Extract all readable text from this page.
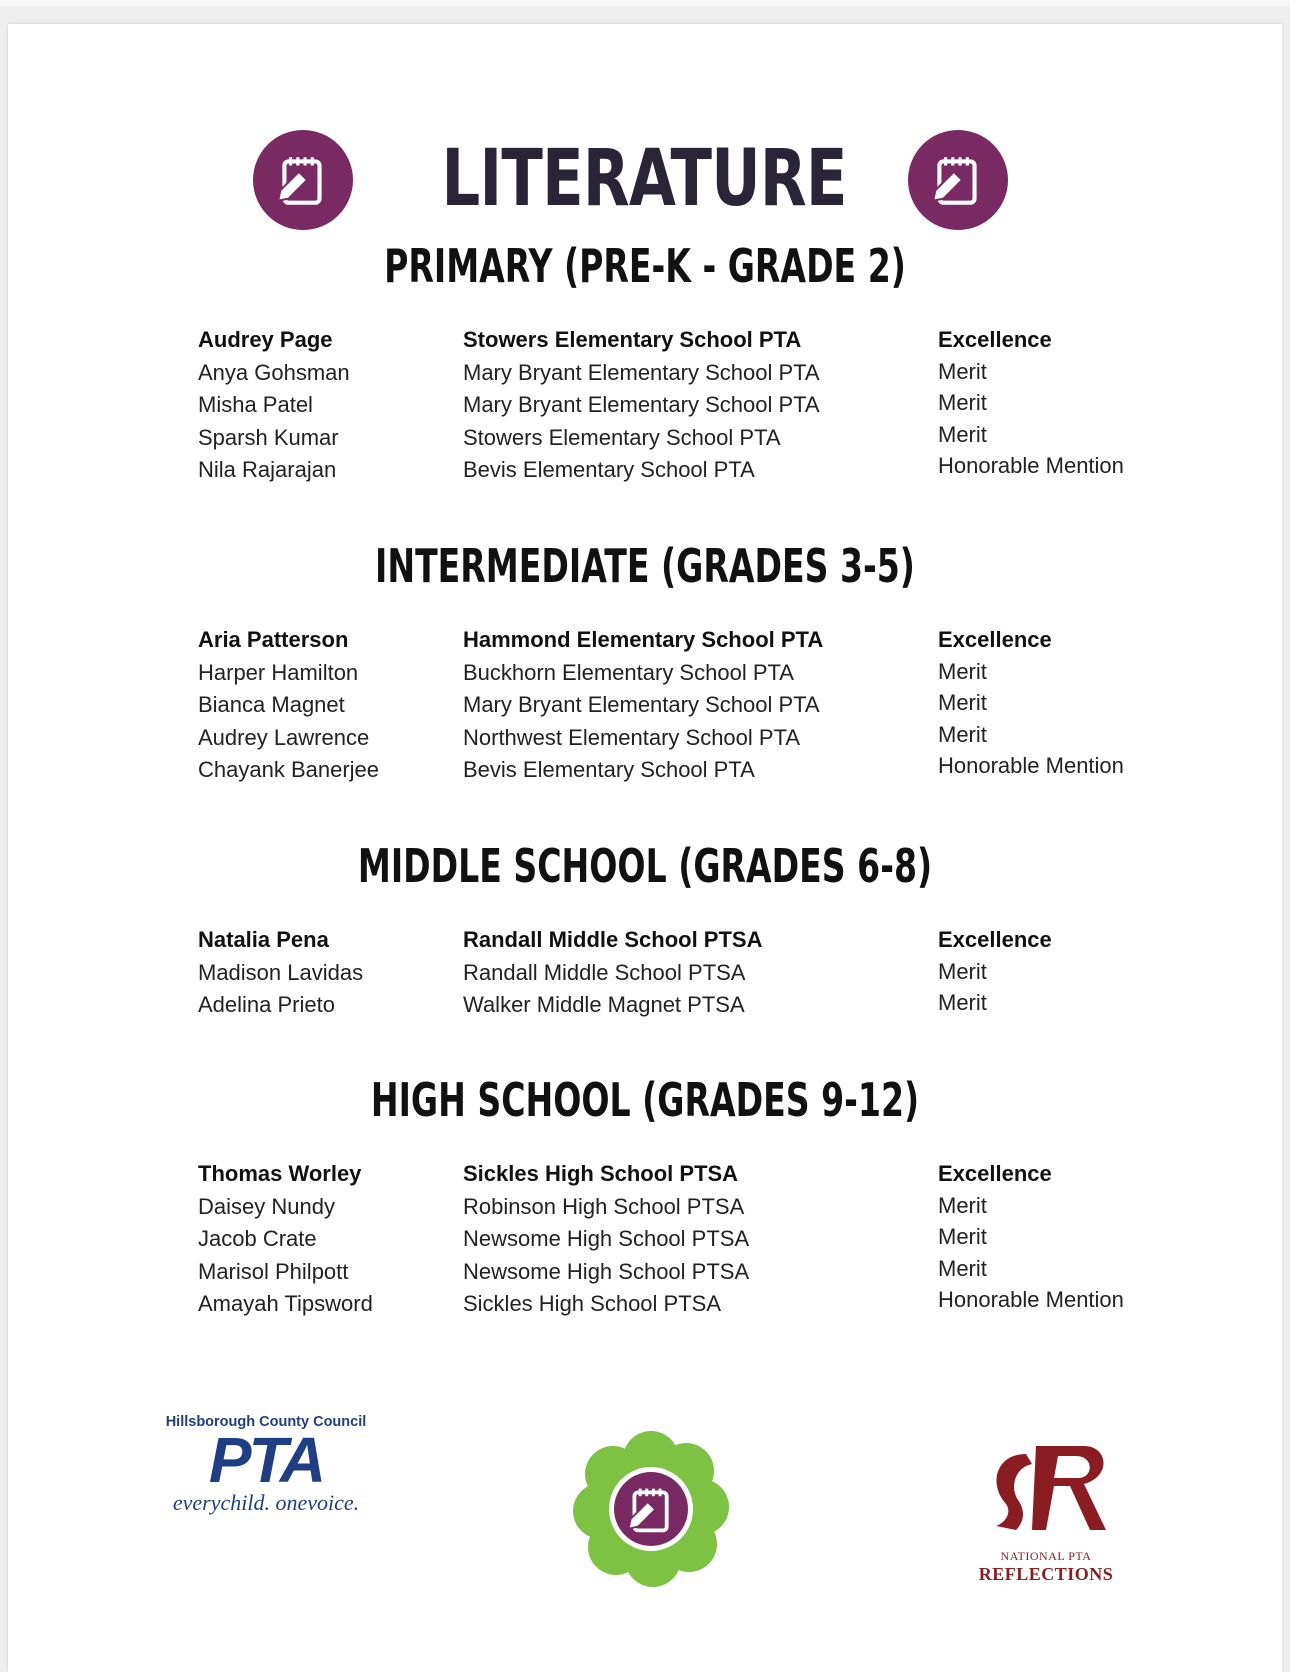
LITERATURE
PRIMARY (PRE-K - GRADE 2)
Audrey Page
Anya Gohsman
Misha Patel
Sparsh Kumar
Nila Rajarajan
Stowers Elementary School PTA
Mary Bryant Elementary School PTA
Mary Bryant Elementary School PTA
Stowers Elementary School PTA
Bevis Elementary School PTA
Excellence
Merit
Merit
Merit
Honorable Mention
INTERMEDIATE (GRADES 3-5)
Aria Patterson
Harper Hamilton
Bianca Magnet
Audrey Lawrence
Chayank Banerjee
Hammond Elementary School PTA
Buckhorn Elementary School PTA
Mary Bryant Elementary School PTA
Northwest Elementary School PTA
Bevis Elementary School PTA
Excellence
Merit
Merit
Merit
Honorable Mention
MIDDLE SCHOOL (GRADES 6-8)
Natalia Pena
Madison Lavidas
Adelina Prieto
Randall Middle School PTSA
Randall Middle School PTSA
Walker Middle Magnet PTSA
Excellence
Merit
Merit
HIGH SCHOOL (GRADES 9-12)
Thomas Worley
Daisey Nundy
Jacob Crate
Marisol Philpott
Amayah Tipsword
Sickles High School PTSA
Robinson High School PTSA
Newsome High School PTSA
Newsome High School PTSA
Sickles High School PTSA
Excellence
Merit
Merit
Merit
Honorable Mention
Hillsborough County Council
PTA
everychild. onevoice.
NATIONAL PTA
REFLECTIONS
